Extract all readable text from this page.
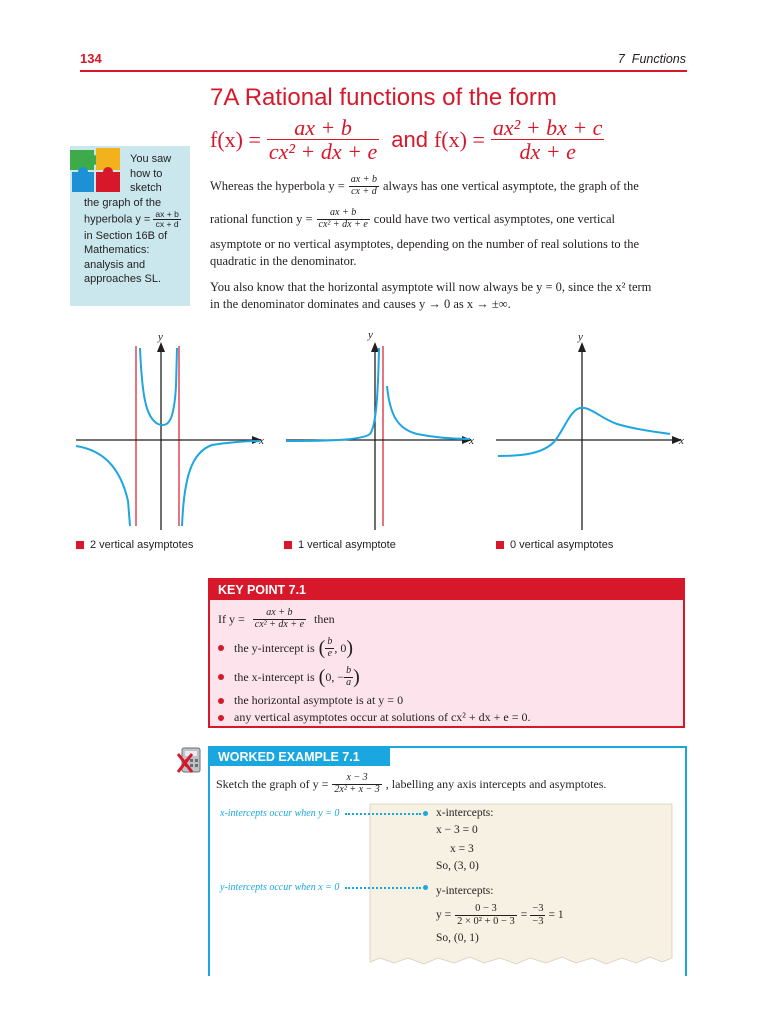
134	7  Functions
7A Rational functions of the form
$f(x) = \frac{ax + b}{\text{cx² + dx + e}}$ and $f(x) = \frac{\text{ax² + bx + c}}{dx + e}$
You saw
how to
sketch
the graph of the
hyperbola $y = \frac{ax + b}{cx + d}$
in Section 16B of
Mathematics:
analysis and
approaches SL.
Whereas the hyperbola $y = \frac{ax + b}{cx + d}$ always has one vertical asymptote, the graph of the
rational function $y = \frac{ax + b}{\text{cx² + dx + e}}$ could have two vertical asymptotes, one vertical
asymptote or no vertical asymptotes, depending on the number of real solutions to the
quadratic in the denominator.
You also know that the horizontal asymptote will now always be y = 0, since the x² term
in the denominator dominates and causes y → 0 as x → ±∞.
x
y
2 vertical asymptotes
x
y
1 vertical asymptote
x
y
0 vertical asymptotes
KEY POINT 7.1
If $y = \frac{ax + b}{\text{cx² + dx + e}}$ then
the y-intercept is ( $\frac{b}{e}$ , 0 )
the x-intercept is ( 0, − $\frac{b}{a}$ )
the horizontal asymptote is at y = 0
any vertical asymptotes occur at solutions of cx² + dx + e = 0.
WORKED EXAMPLE 7.1
Sketch the graph of $y = \frac{x - 3}{\text{2x² + x − 3}}$ , labelling any axis intercepts and asymptotes.
x-intercepts occur when y = 0
y-intercepts occur when x = 0
x-intercepts:
x − 3 = 0
x = 3
So, (3, 0)
y-intercepts:
$y = \frac{0 - 3}{\text{2 × 0² + 0 − 3}} = \frac{-3}{-3} = 1$
So, (0, 1)
